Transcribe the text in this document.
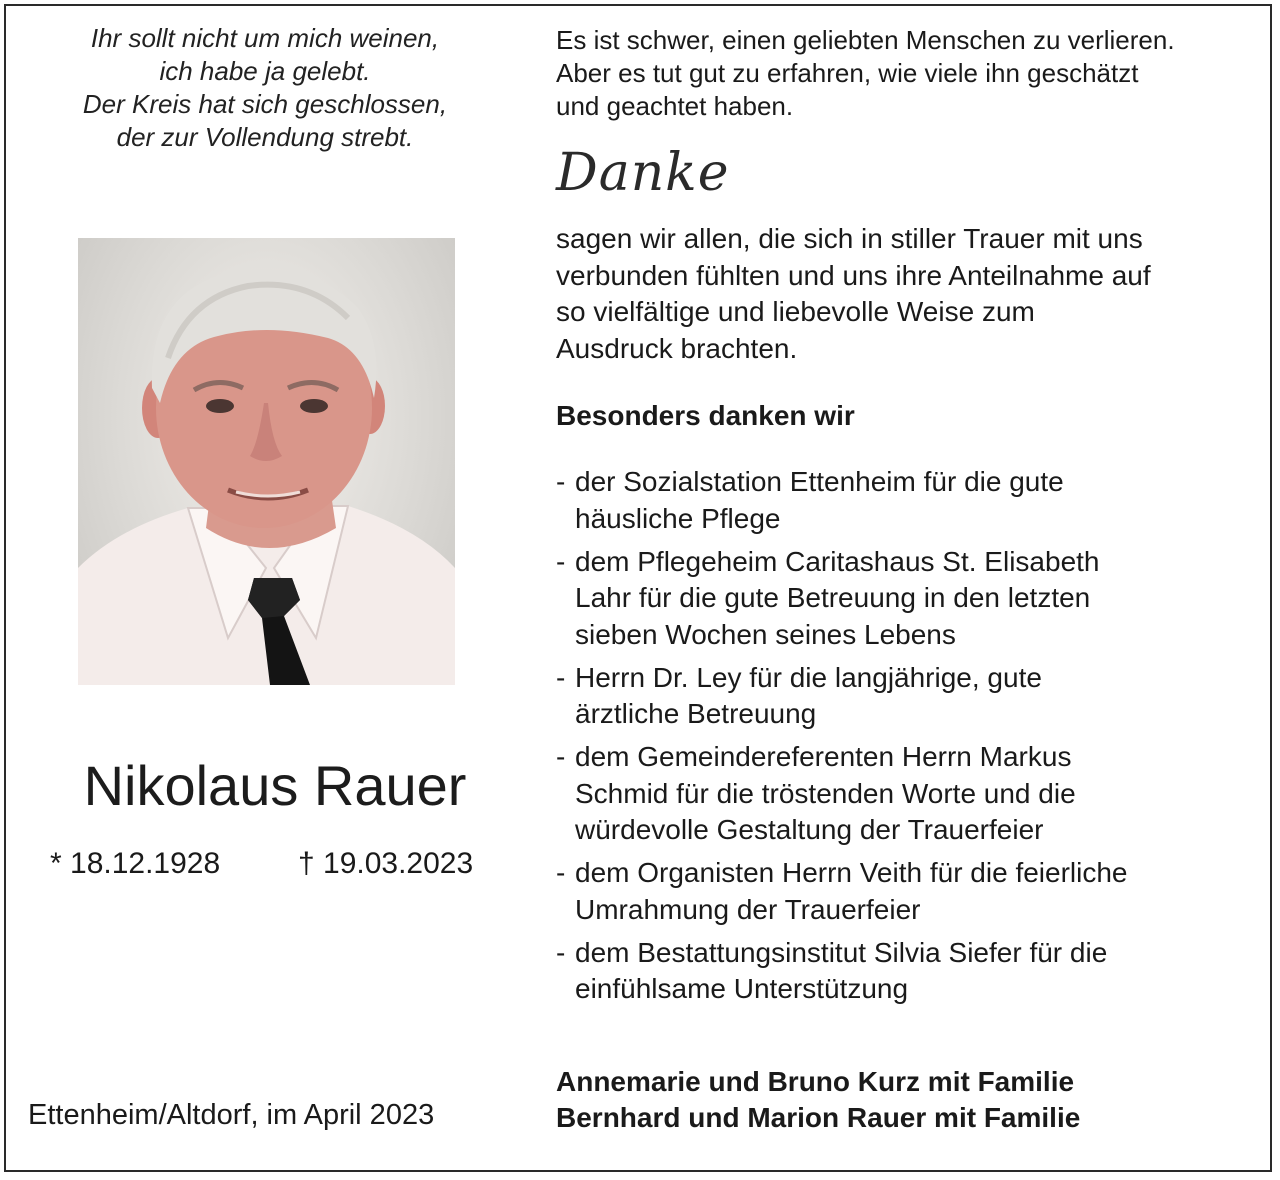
Ihr sollt nicht um mich weinen,
ich habe ja gelebt.
Der Kreis hat sich geschlossen,
der zur Vollendung strebt.
Nikolaus Rauer
* 18.12.1928	† 19.03.2023
Ettenheim/Altdorf, im April 2023
Es ist schwer, einen geliebten Menschen zu verlieren.
Aber es tut gut zu erfahren, wie viele ihn geschätzt
und geachtet haben.
Danke
sagen wir allen, die sich in stiller Trauer mit uns
verbunden fühlten und uns ihre Anteilnahme auf
so vielfältige und liebevolle Weise zum
Ausdruck brachten.
Besonders danken wir
- der Sozialstation Ettenheim für die gute
häusliche Pflege
- dem Pflegeheim Caritashaus St. Elisabeth
Lahr für die gute Betreuung in den letzten
sieben Wochen seines Lebens
- Herrn Dr. Ley für die langjährige, gute
ärztliche Betreuung
- dem Gemeindereferenten Herrn Markus
Schmid für die tröstenden Worte und die
würdevolle Gestaltung der Trauerfeier
- dem Organisten Herrn Veith für die feierliche
Umrahmung der Trauerfeier
- dem Bestattungsinstitut Silvia Siefer für die
einfühlsame Unterstützung
Annemarie und Bruno Kurz mit Familie
Bernhard und Marion Rauer mit Familie
